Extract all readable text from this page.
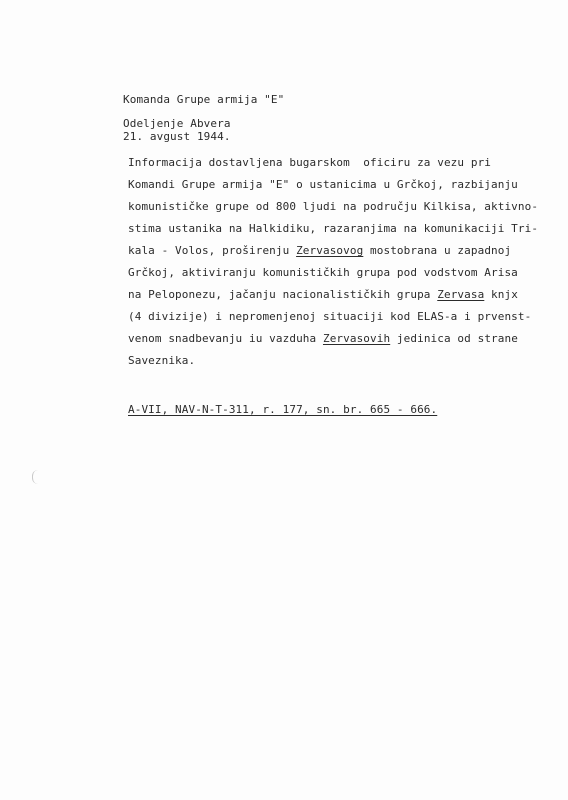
Komanda Grupe armija "E"
Odeljenje Abvera
21. avgust 1944.
Informacija dostavljena bugarskom  oficiru za vezu pri
Komandi Grupe armija "E" o ustanicima u Grčkoj, razbijanju
komunističke grupe od 800 ljudi na području Kilkisa, aktivno-
stima ustanika na Halkidiku, razaranjima na komunikaciji Tri-
kala - Volos, proširenju Zervasovog mostobrana u zapadnoj
Grčkoj, aktiviranju komunističkih grupa pod vodstvom Arisa
na Peloponezu, jačanju nacionalističkih grupa Zervasa knjx
(4 divizije) i nepromenjenoj situaciji kod ELAS-a i prvenst-
venom snadbevanju iu vazduha Zervasovih jedinica od strane
Saveznika.
A-VII, NAV-N-T-311, r. 177, sn. br. 665 - 666.
